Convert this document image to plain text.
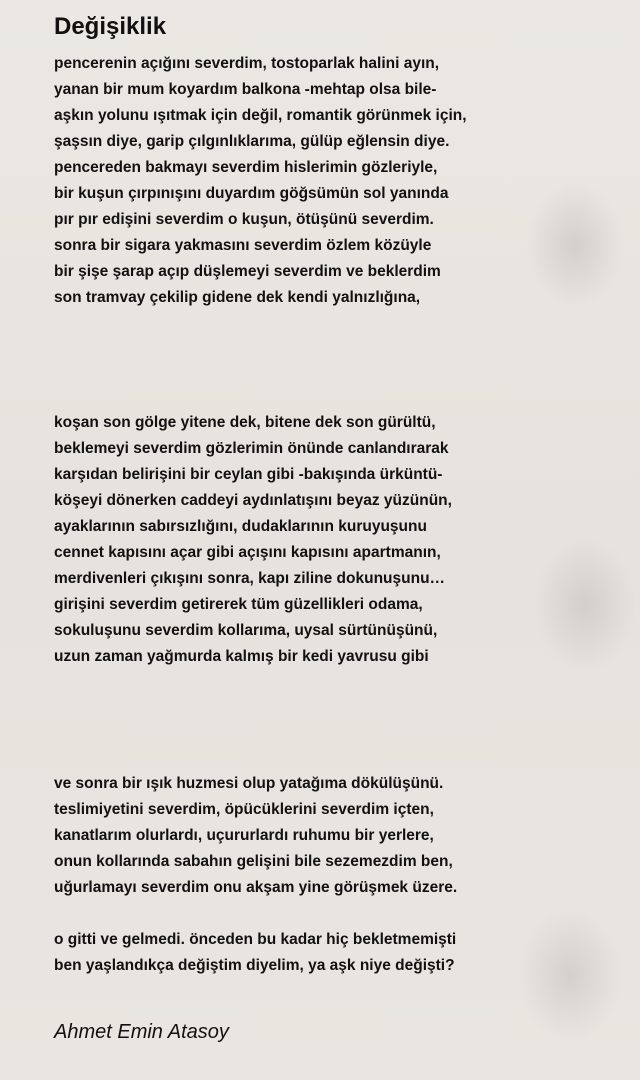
Değişiklik
pencerenin açığını severdim, tostoparlak halini ayın,
yanan bir mum koyardım balkona -mehtap olsa bile-
aşkın yolunu ışıtmak için değil, romantik görünmek için,
şaşsın diye, garip çılgınlıklarıma, gülüp eğlensin diye.
pencereden bakmayı severdim hislerimin gözleriyle,
bir kuşun çırpınışını duyardım göğsümün sol yanında
pır pır edişini severdim o kuşun, ötüşünü severdim.
sonra bir sigara yakmasını severdim özlem közüyle
bir şişe şarap açıp düşlemeyi severdim ve beklerdim
son tramvay çekilip gidene dek kendi yalnızlığına,
koşan son gölge yitene dek, bitene dek son gürültü,
beklemeyi severdim gözlerimin önünde canlandırarak
karşıdan belirişini bir ceylan gibi -bakışında ürküntü-
köşeyi dönerken caddeyi aydınlatışını beyaz yüzünün,
ayaklarının sabırsızlığını, dudaklarının kuruyuşunu
cennet kapısını açar gibi açışını kapısını apartmanın,
merdivenleri çıkışını sonra, kapı ziline dokunuşunu…
girişini severdim getirerek tüm güzellikleri odama,
sokuluşunu severdim kollarıma, uysal sürtünüşünü,
uzun zaman yağmurda kalmış bir kedi yavrusu gibi
ve sonra bir ışık huzmesi olup yatağıma dökülüşünü.
teslimiyetini severdim, öpücüklerini severdim içten,
kanatlarım olurlardı, uçururlardı ruhumu bir yerlere,
onun kollarında sabahın gelişini bile sezemezdim ben,
uğurlamayı severdim onu akşam yine görüşmek üzere.
o gitti ve gelmedi. önceden bu kadar hiç bekletmemişti
ben yaşlandıkça değiştim diyelim, ya aşk niye değişti?
Ahmet Emin Atasoy
